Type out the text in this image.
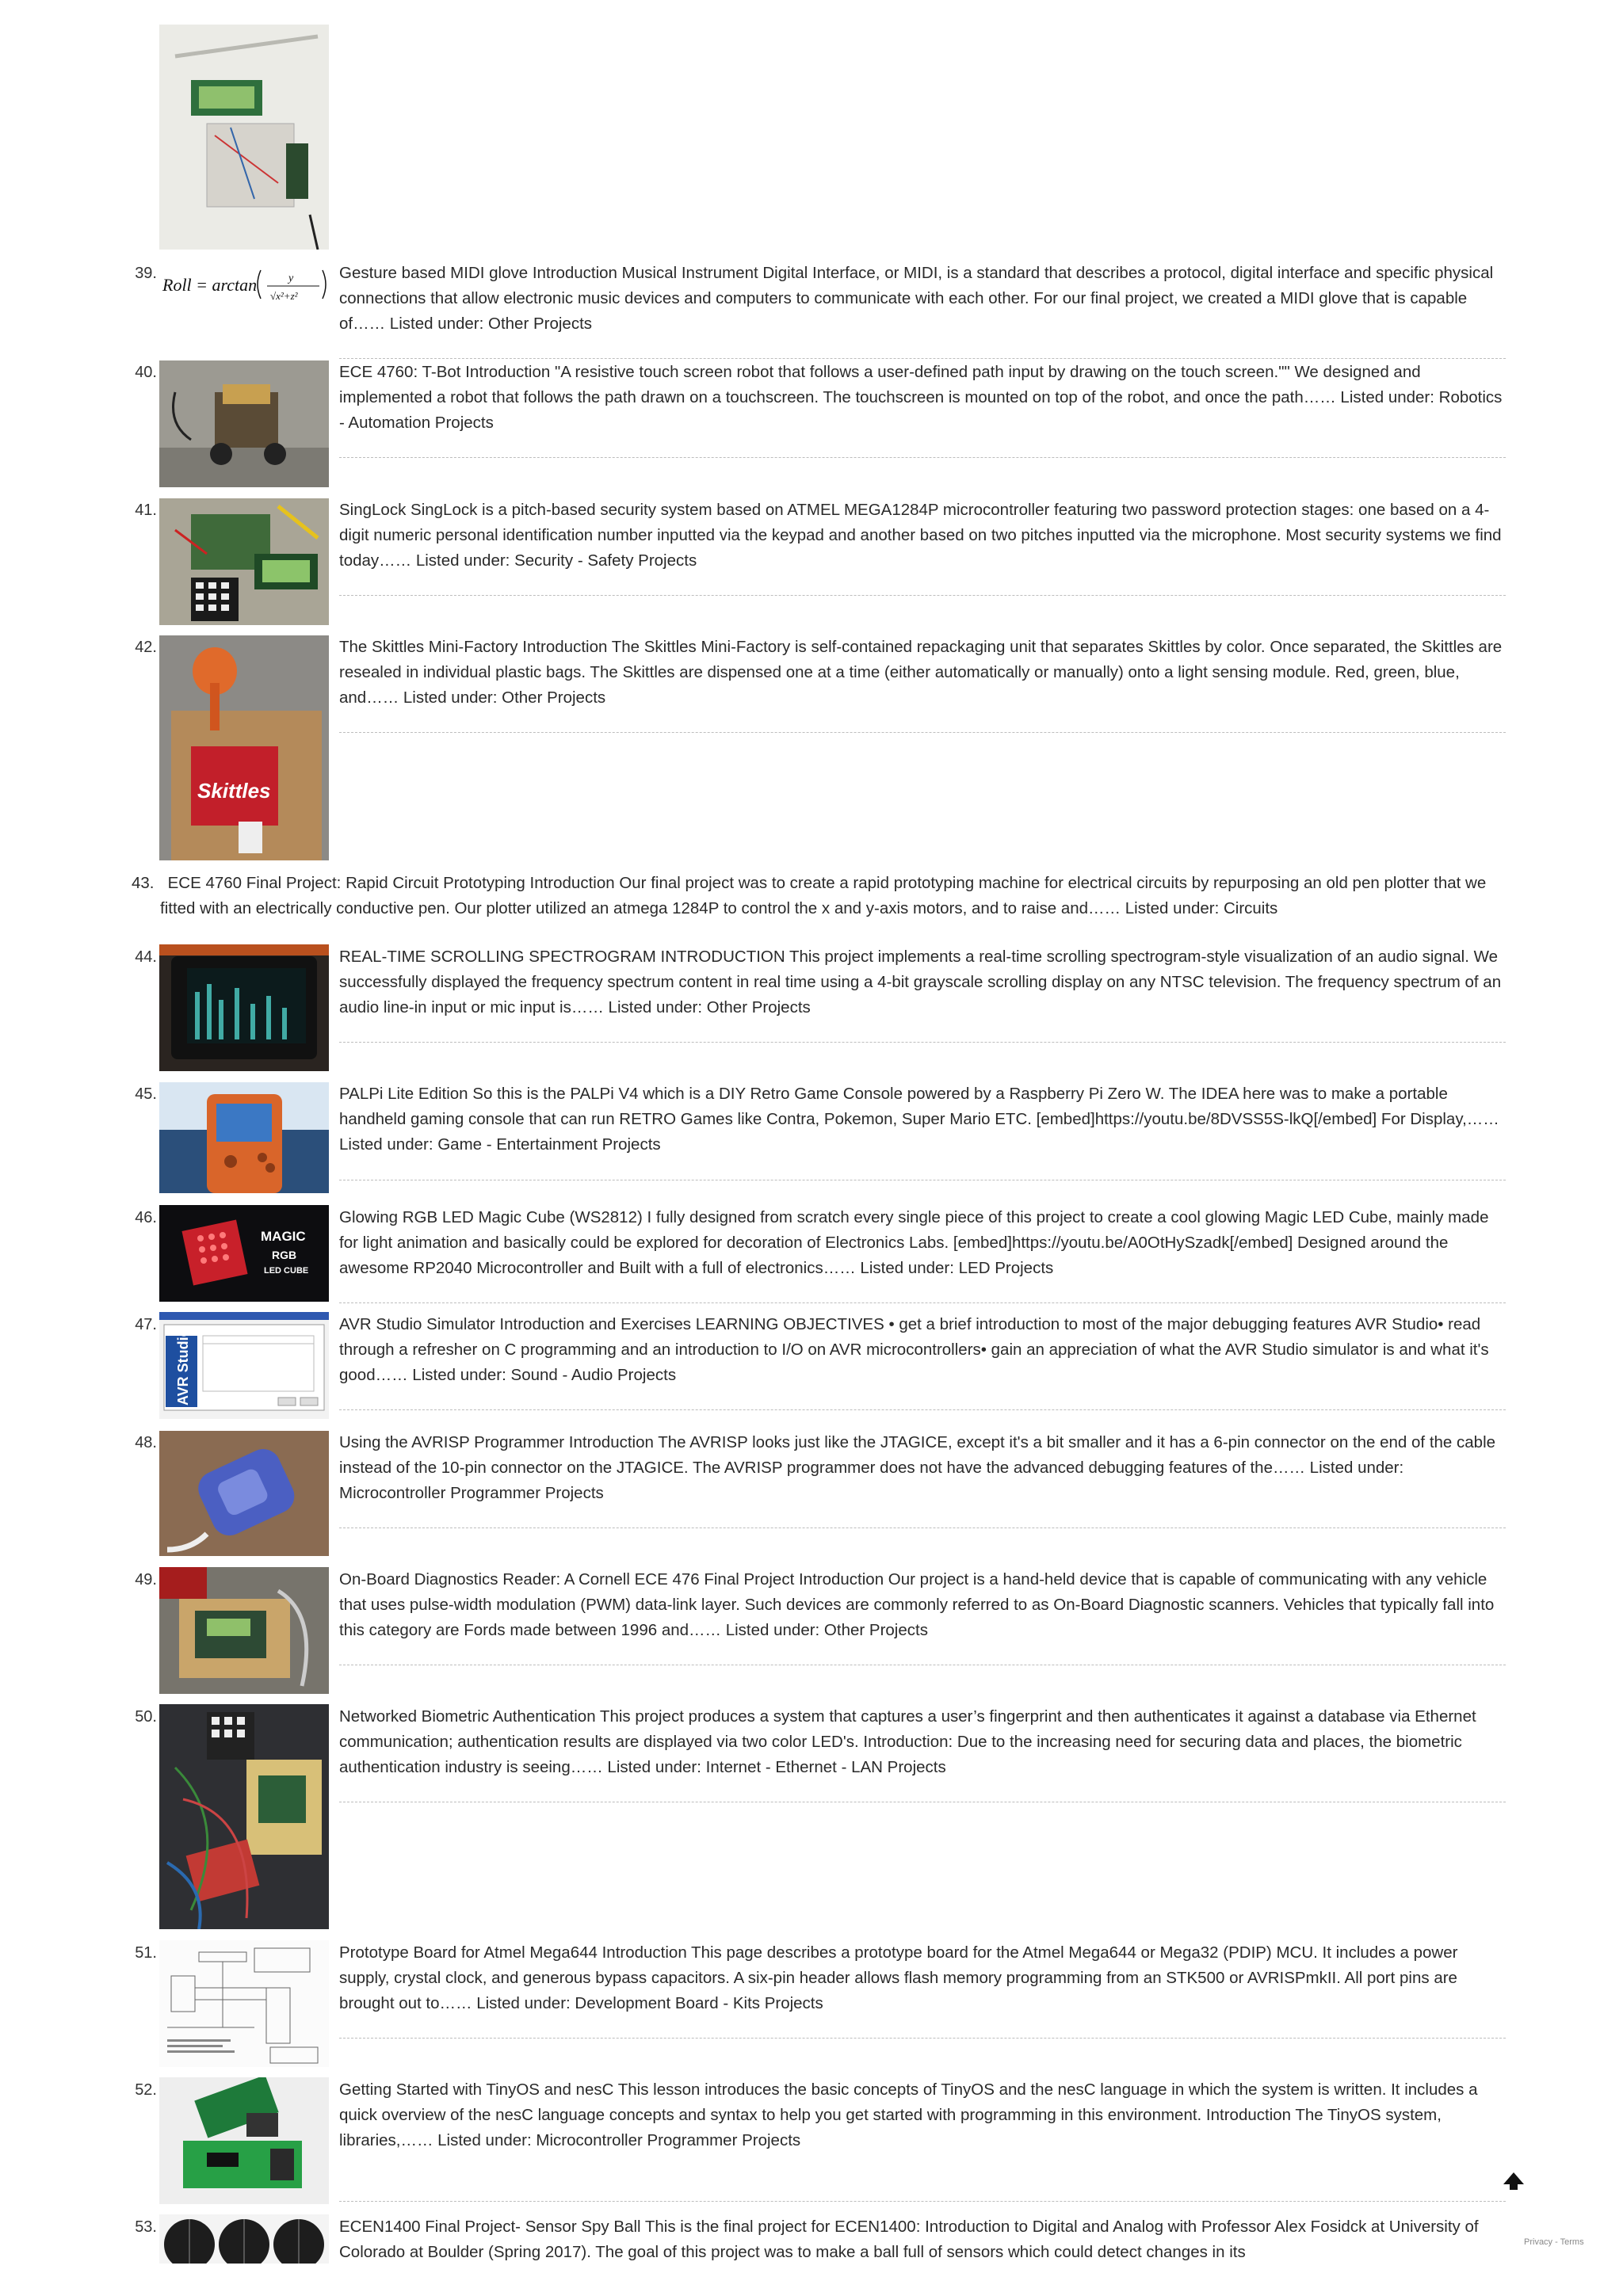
39.
Roll = arctan	y
√x²+z²
Gesture based MIDI glove Introduction Musical Instrument Digital Interface, or MIDI, is a standard that describes a protocol, digital interface and specific physical connections that allow electronic music devices and computers to communicate with each other. For our final project, we created a MIDI glove that is capable of…… Listed under: Other Projects
40.	ECE 4760: T-Bot Introduction "A resistive touch screen robot that follows a user-defined path input by drawing on the touch screen."" We designed and implemented a robot that follows the path drawn on a touchscreen. The touchscreen is mounted on top of the robot, and once the path…… Listed under: Robotics - Automation Projects
41.	SingLock SingLock is a pitch-based security system based on ATMEL MEGA1284P microcontroller featuring two password protection stages: one based on a 4-digit numeric personal identification number inputted via the keypad and another based on two pitches inputted via the microphone. Most security systems we find today…… Listed under: Security - Safety Projects
42.
Skittles
The Skittles Mini-Factory Introduction The Skittles Mini-Factory is self-contained repackaging unit that separates Skittles by color. Once separated, the Skittles are resealed in individual plastic bags. The Skittles are dispensed one at a time (either automatically or manually) onto a light sensing module. Red, green, blue, and…… Listed under: Other Projects
43. ECE 4760 Final Project: Rapid Circuit Prototyping Introduction Our final project was to create a rapid prototyping machine for electrical circuits by repurposing an old pen plotter that we fitted with an electrically conductive pen. Our plotter utilized an atmega 1284P to control the x and y-axis motors, and to raise and…… Listed under: Circuits
44.	REAL-TIME SCROLLING SPECTROGRAM INTRODUCTION This project implements a real-time scrolling spectrogram-style visualization of an audio signal. We successfully displayed the frequency spectrum content in real time using a 4-bit grayscale scrolling display on any NTSC television. The frequency spectrum of an audio line-in input or mic input is…… Listed under: Other Projects
45.	PALPi Lite Edition So this is the PALPi V4 which is a DIY Retro Game Console powered by a Raspberry Pi Zero W. The IDEA here was to make a portable handheld gaming console that can run RETRO Games like Contra, Pokemon, Super Mario ETC. [embed]https://youtu.be/8DVSS5S-lkQ[/embed] For Display,…… Listed under: Game - Entertainment Projects
46.
MAGIC
RGB
LED CUBE
Glowing RGB LED Magic Cube (WS2812) I fully designed from scratch every single piece of this project to create a cool glowing Magic LED Cube, mainly made for light animation and basically could be explored for decoration of Electronics Labs. [embed]https://youtu.be/A0OtHySzadk[/embed] Designed around the awesome RP2040 Microcontroller and Built with a full of electronics…… Listed under: LED Projects
47.
AVR Studio
AVR Studio Simulator Introduction and Exercises LEARNING OBJECTIVES • get a brief introduction to most of the major debugging features AVR Studio• read through a refresher on C programming and an introduction to I/O on AVR microcontrollers• gain an appreciation of what the AVR Studio simulator is and what it's good…… Listed under: Sound - Audio Projects
48.	Using the AVRISP Programmer Introduction The AVRISP looks just like the JTAGICE, except it's a bit smaller and it has a 6-pin connector on the end of the cable instead of the 10-pin connector on the JTAGICE. The AVRISP programmer does not have the advanced debugging features of the…… Listed under: Microcontroller Programmer Projects
49.	On-Board Diagnostics Reader: A Cornell ECE 476 Final Project Introduction Our project is a hand-held device that is capable of communicating with any vehicle that uses pulse-width modulation (PWM) data-link layer. Such devices are commonly referred to as On-Board Diagnostic scanners. Vehicles that typically fall into this category are Fords made between 1996 and…… Listed under: Other Projects
50.	Networked Biometric Authentication This project produces a system that captures a user’s fingerprint and then authenticates it against a database via Ethernet communication; authentication results are displayed via two color LED's. Introduction: Due to the increasing need for securing data and places, the biometric authentication industry is seeing…… Listed under: Internet - Ethernet - LAN Projects
51.	Prototype Board for Atmel Mega644 Introduction This page describes a prototype board for the Atmel Mega644 or Mega32 (PDIP) MCU. It includes a power supply, crystal clock, and generous bypass capacitors. A six-pin header allows flash memory programming from an STK500 or AVRISPmkII. All port pins are brought out to…… Listed under: Development Board - Kits Projects
52.	Getting Started with TinyOS and nesC This lesson introduces the basic concepts of TinyOS and the nesC language in which the system is written. It includes a quick overview of the nesC language concepts and syntax to help you get started with programming in this environment. Introduction The TinyOS system, libraries,…… Listed under: Microcontroller Programmer Projects
53.	ECEN1400 Final Project- Sensor Spy Ball This is the final project for ECEN1400: Introduction to Digital and Analog with Professor Alex Fosidck at University of Colorado at Boulder (Spring 2017). The goal of this project was to make a ball full of sensors which could detect changes in its
Privacy - Terms
